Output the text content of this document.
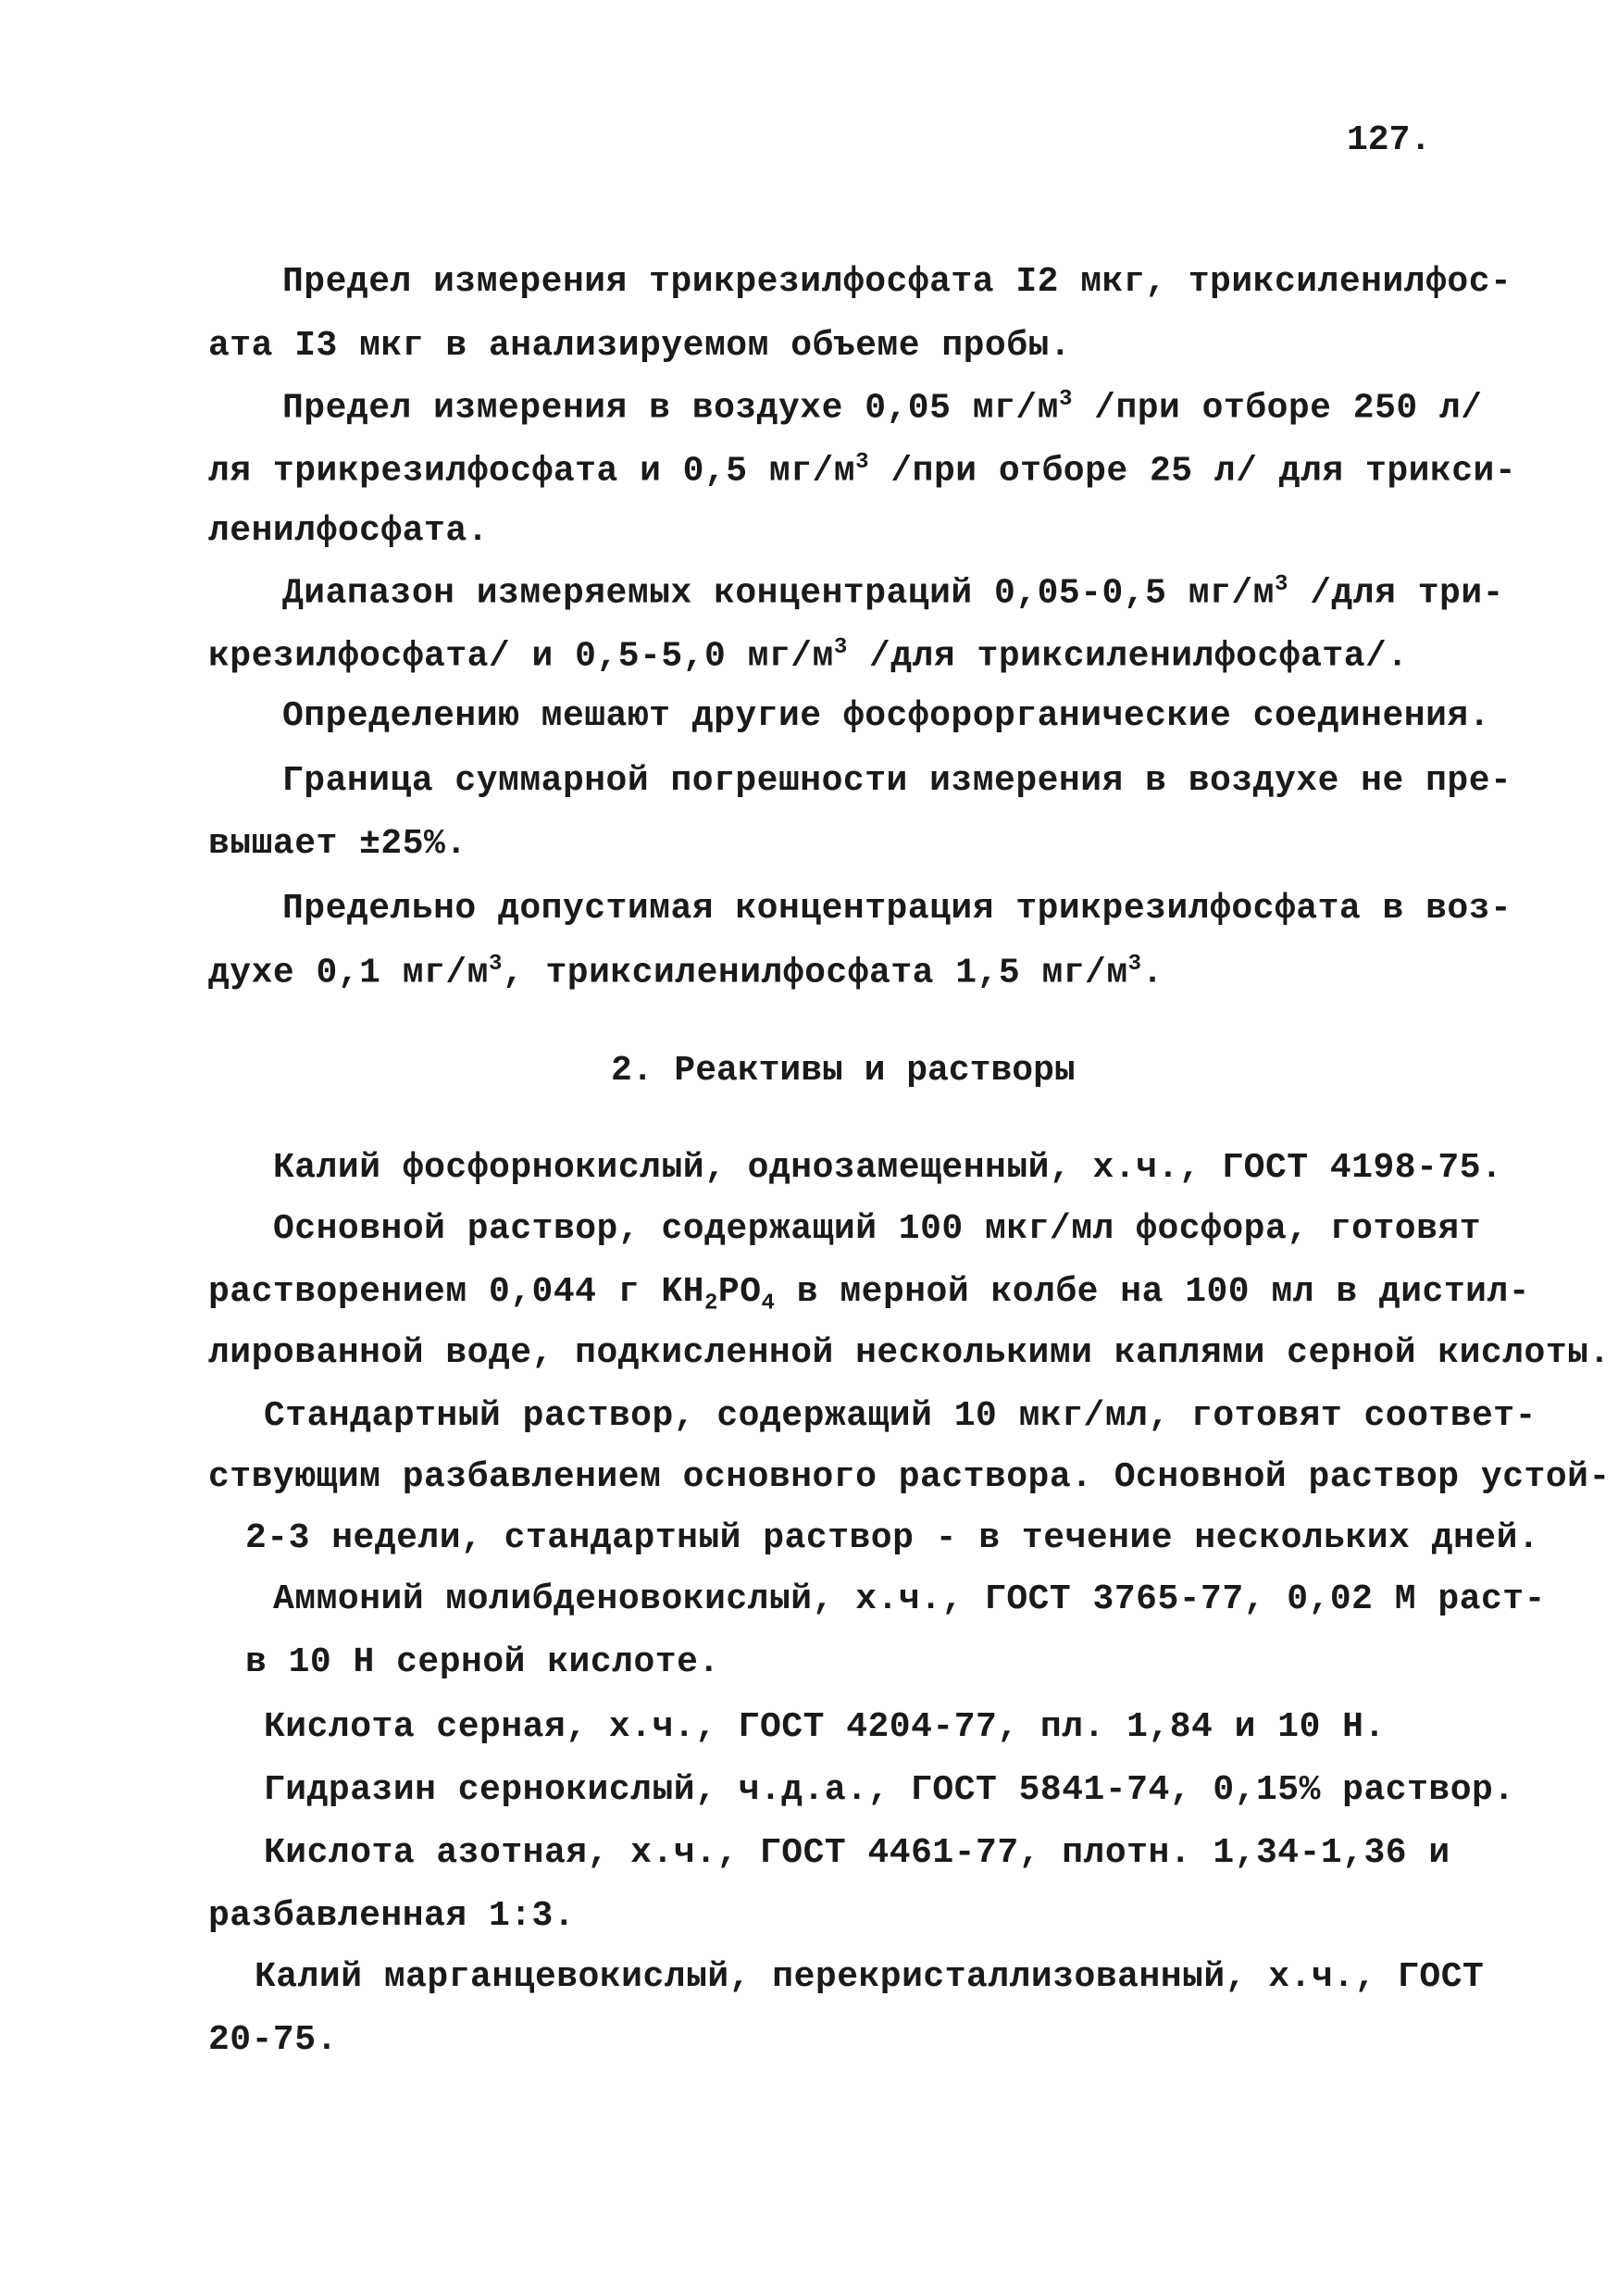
127.
Предел измерения трикрезилфосфата I2 мкг, триксиленилфос-
ата I3 мкг в анализируемом объеме пробы.
Предел измерения в воздухе 0,05 $мг/м^3$ /при отборе 250 л/
ля трикрезилфосфата и 0,5 $мг/м^3$ /при отборе 25 л/ для трикси-
ленилфосфата.
Диапазон измеряемых концентраций 0,05-0,5 $мг/м^3$ /для три-
крезилфосфата/ и 0,5-5,0 $мг/м^3$ /для триксиленилфосфата/.
Определению мешают другие фосфорорганические соединения.
Граница суммарной погрешности измерения в воздухе не пре-
вышает ±25%.
Предельно допустимая концентрация трикрезилфосфата в воз-
духе 0,1 $мг/м^3$, триксиленилфосфата 1,5 $мг/м^3$.
2. Реактивы и растворы
Калий фосфорнокислый, однозамещенный, х.ч., ГОСТ 4198-75.
Основной раствор, содержащий 100 мкг/мл фосфора, готовят
растворением 0,044 г $KH_2PO_4$ в мерной колбе на 100 мл в дистил-
лированной воде, подкисленной несколькими каплями серной кислоты.
Стандартный раствор, содержащий 10 мкг/мл, готовят соответ-
ствующим разбавлением основного раствора. Основной раствор устой-
2-3 недели, стандартный раствор - в течение нескольких дней.
Аммоний молибденовокислый, х.ч., ГОСТ 3765-77, 0,02 М раст-
в 10 Н серной кислоте.
Кислота серная, х.ч., ГОСТ 4204-77, пл. 1,84 и 10 Н.
Гидразин сернокислый, ч.д.а., ГОСТ 5841-74, 0,15% раствор.
Кислота азотная, х.ч., ГОСТ 4461-77, плотн. 1,34-1,36 и
разбавленная 1:3.
Калий марганцевокислый, перекристаллизованный, х.ч., ГОСТ
20-75.
